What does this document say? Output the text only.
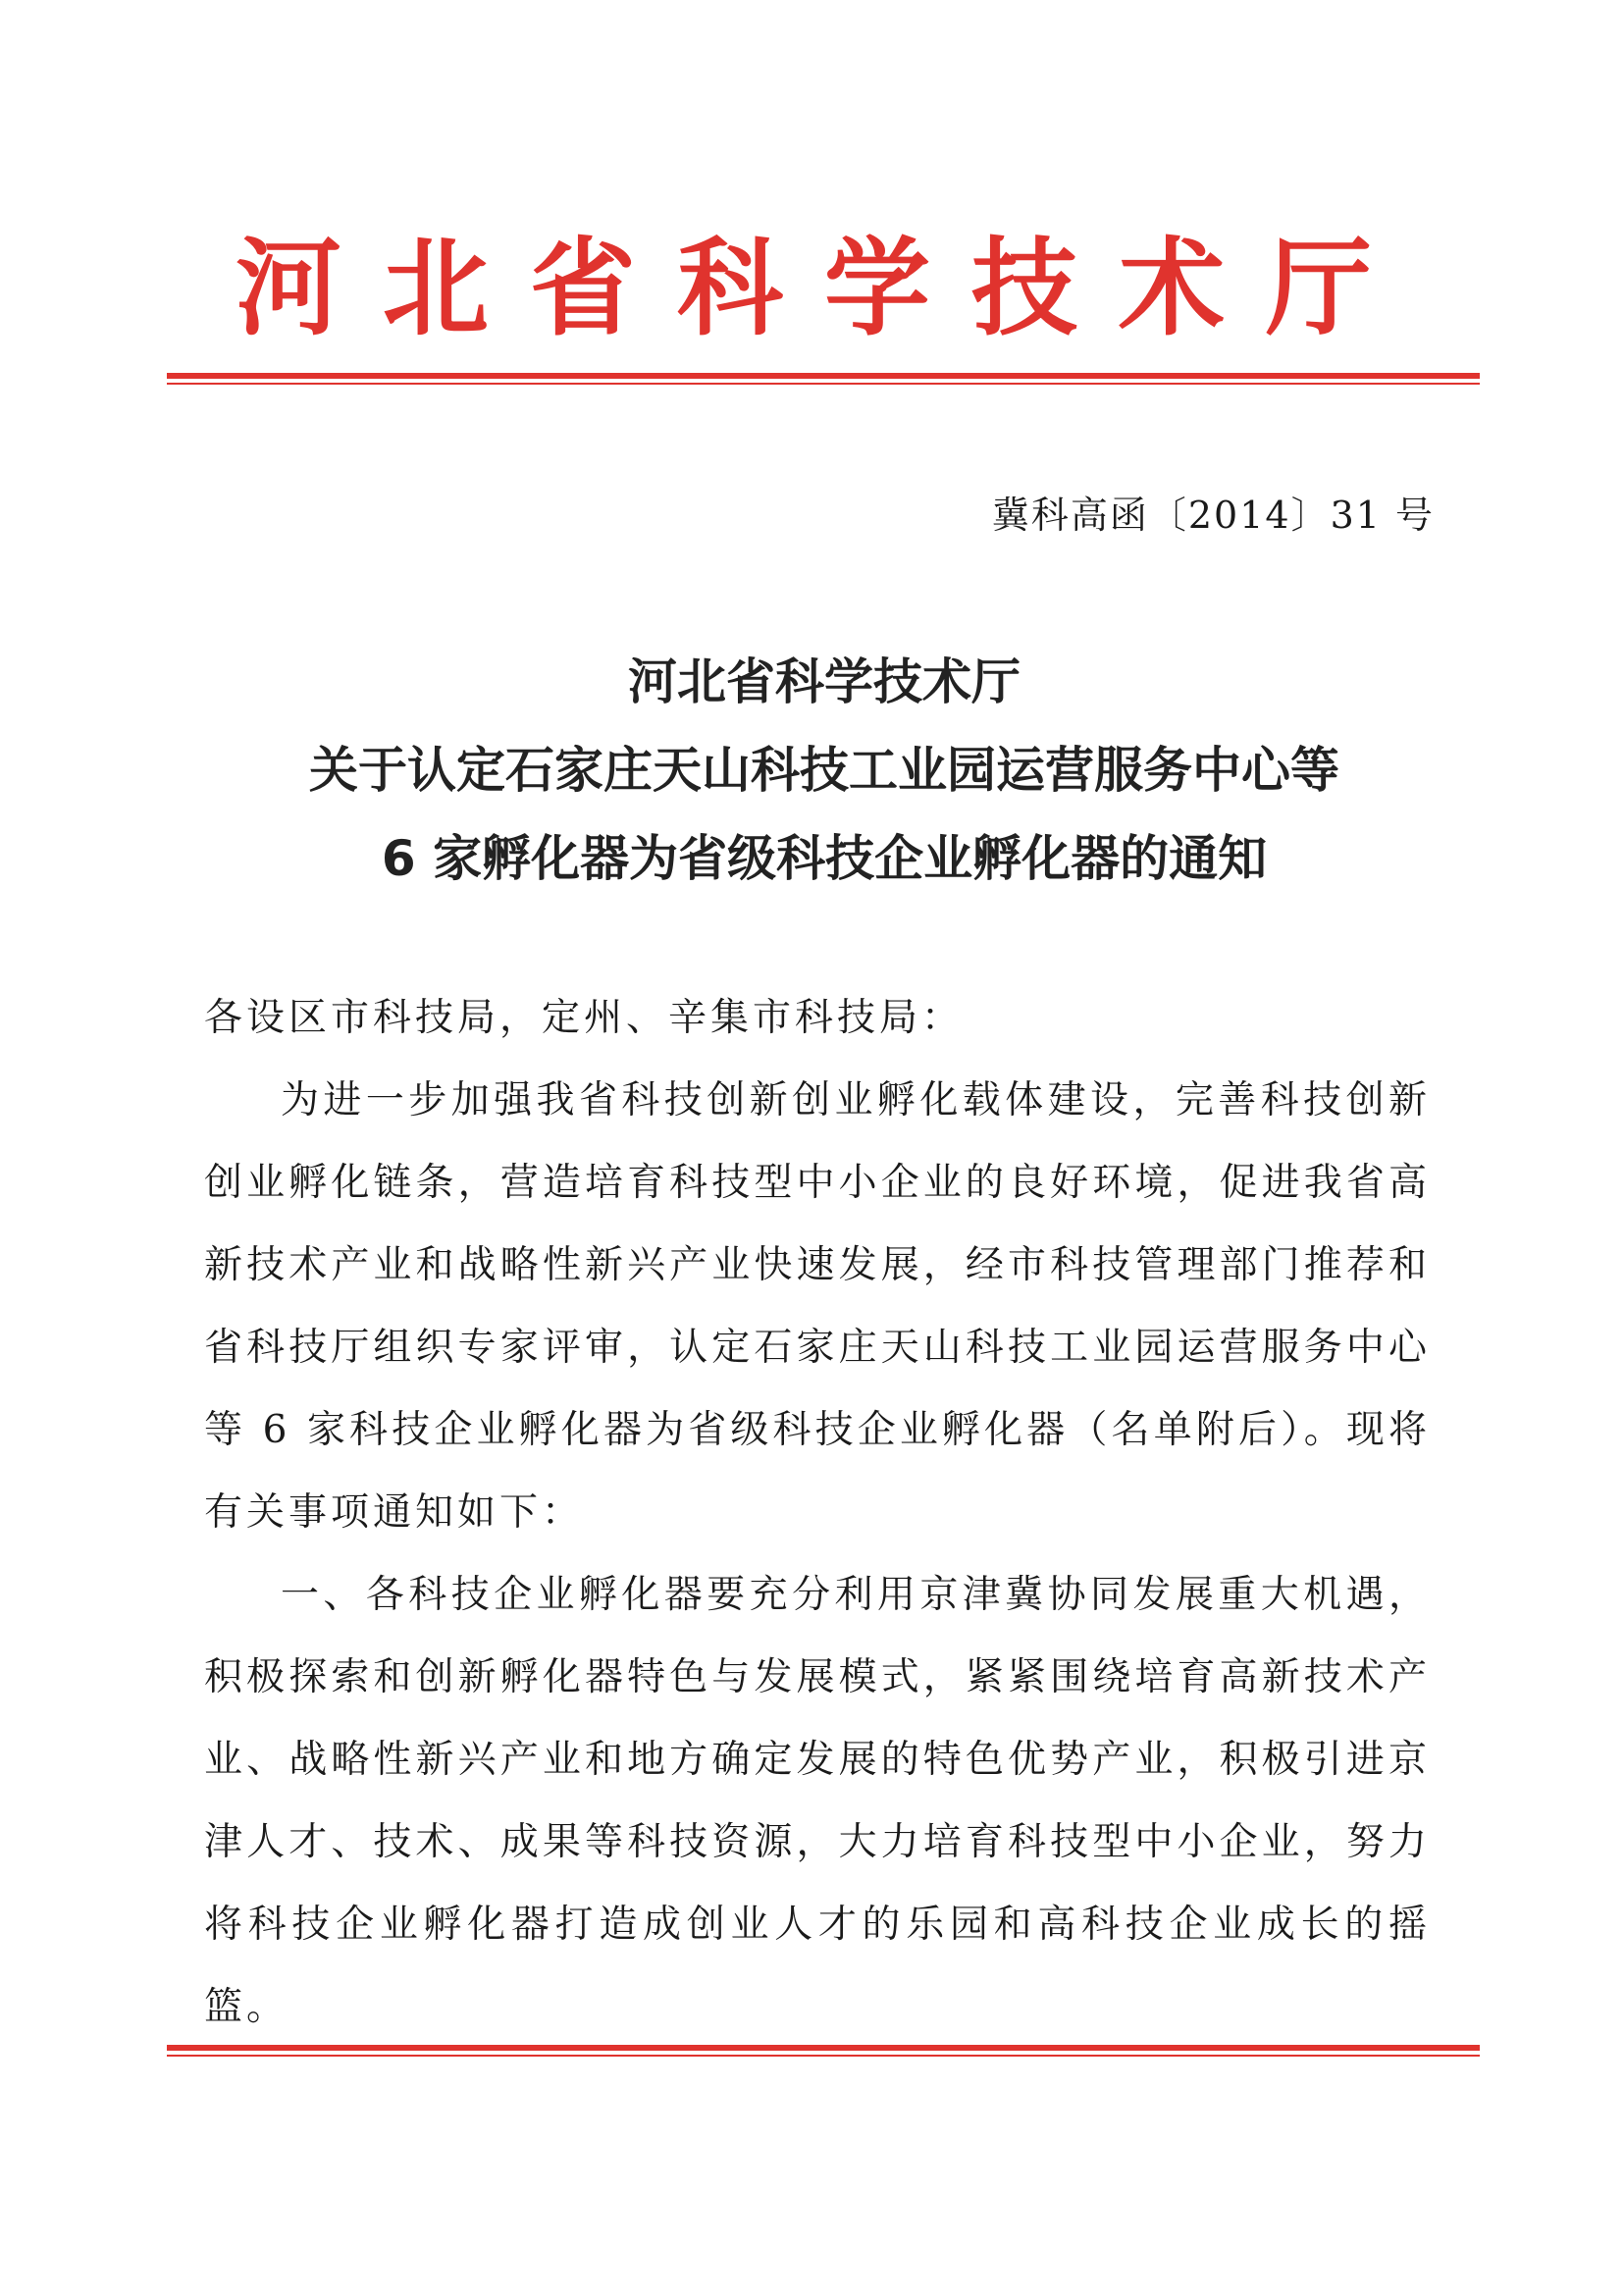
河北省科学技术厅
冀科高函〔2014〕31 号
河北省科学技术厅
关于认定石家庄天山科技工业园运营服务中心等
6 家孵化器为省级科技企业孵化器的通知
各设区市科技局，定州、辛集市科技局：

为进一步加强我省科技创新创业孵化载体建设，完善科技创新创业孵化链条，营造培育科技型中小企业的良好环境，促进我省高新技术产业和战略性新兴产业快速发展，经市科技管理部门推荐和省科技厅组织专家评审，认定石家庄天山科技工业园运营服务中心等 6 家科技企业孵化器为省级科技企业孵化器（名单附后）。现将有关事项通知如下：

一、各科技企业孵化器要充分利用京津冀协同发展重大机遇，积极探索和创新孵化器特色与发展模式，紧紧围绕培育高新技术产业、战略性新兴产业和地方确定发展的特色优势产业，积极引进京津人才、技术、成果等科技资源，大力培育科技型中小企业，努力将科技企业孵化器打造成创业人才的乐园和高科技企业成长的摇篮。
